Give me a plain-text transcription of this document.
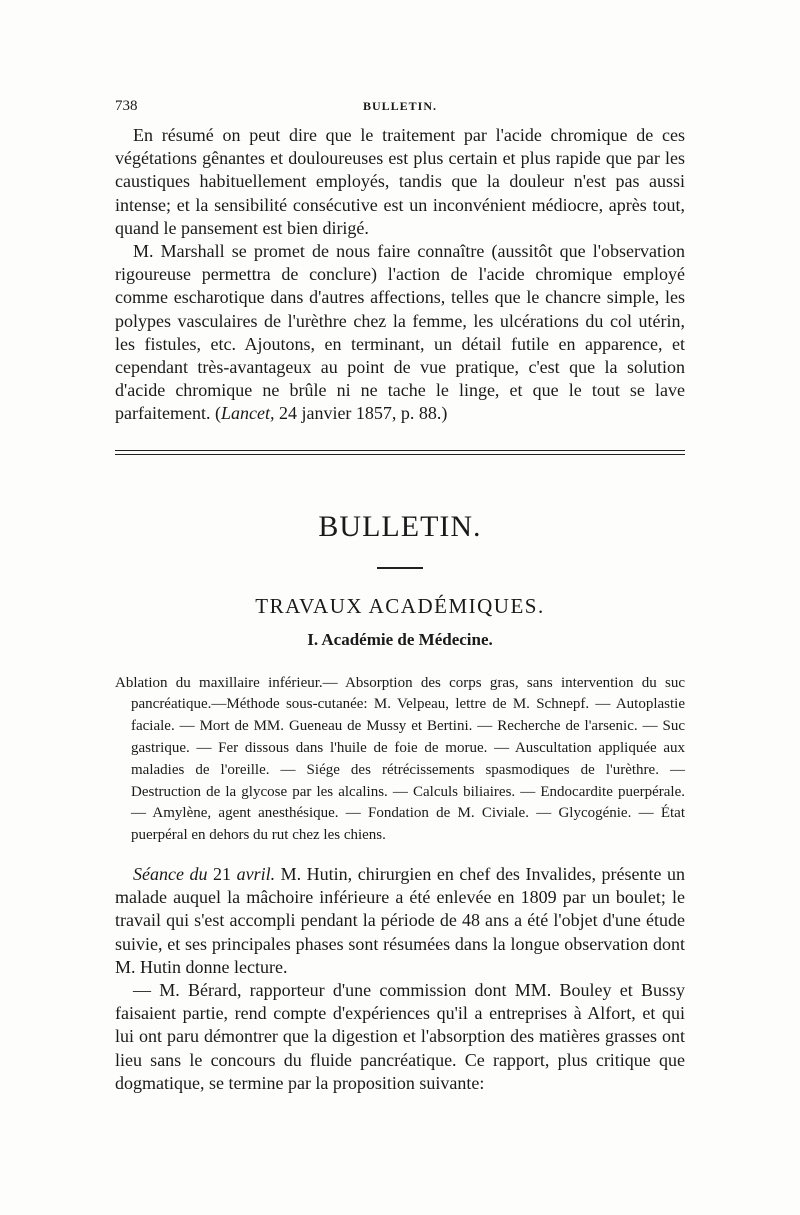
738	BULLETIN.

En résumé on peut dire que le traitement par l'acide chromique de ces végétations gênantes et douloureuses est plus certain et plus rapide que par les caustiques habituellement employés, tandis que la douleur n'est pas aussi intense; et la sensibilité consécutive est un inconvénient médiocre, après tout, quand le pansement est bien dirigé.

M. Marshall se promet de nous faire connaître (aussitôt que l'observation rigoureuse permettra de conclure) l'action de l'acide chromique employé comme escharotique dans d'autres affections, telles que le chancre simple, les polypes vasculaires de l'urèthre chez la femme, les ulcérations du col utérin, les fistules, etc. Ajoutons, en terminant, un détail futile en apparence, et cependant très-avantageux au point de vue pratique, c'est que la solution d'acide chromique ne brûle ni ne tache le linge, et que le tout se lave parfaitement. (Lancet, 24 janvier 1857, p. 88.)

BULLETIN.
TRAVAUX ACADÉMIQUES.
I. Académie de Médecine.

Ablation du maxillaire inférieur.— Absorption des corps gras, sans intervention du suc pancréatique.—Méthode sous-cutanée: M. Velpeau, lettre de M. Schnepf. — Autoplastie faciale. — Mort de MM. Gueneau de Mussy et Bertini. — Recherche de l'arsenic. — Suc gastrique. — Fer dissous dans l'huile de foie de morue. — Auscultation appliquée aux maladies de l'oreille. — Siége des rétrécissements spasmodiques de l'urèthre. — Destruction de la glycose par les alcalins. — Calculs biliaires. — Endocardite puerpérale. — Amylène, agent anesthésique. — Fondation de M. Civiale. — Glycogénie. — État puerpéral en dehors du rut chez les chiens.

Séance du 21 avril. M. Hutin, chirurgien en chef des Invalides, présente un malade auquel la mâchoire inférieure a été enlevée en 1809 par un boulet; le travail qui s'est accompli pendant la période de 48 ans a été l'objet d'une étude suivie, et ses principales phases sont résumées dans la longue observation dont M. Hutin donne lecture.

— M. Bérard, rapporteur d'une commission dont MM. Bouley et Bussy faisaient partie, rend compte d'expériences qu'il a entreprises à Alfort, et qui lui ont paru démontrer que la digestion et l'absorption des matières grasses ont lieu sans le concours du fluide pancréatique. Ce rapport, plus critique que dogmatique, se termine par la proposition suivante:
